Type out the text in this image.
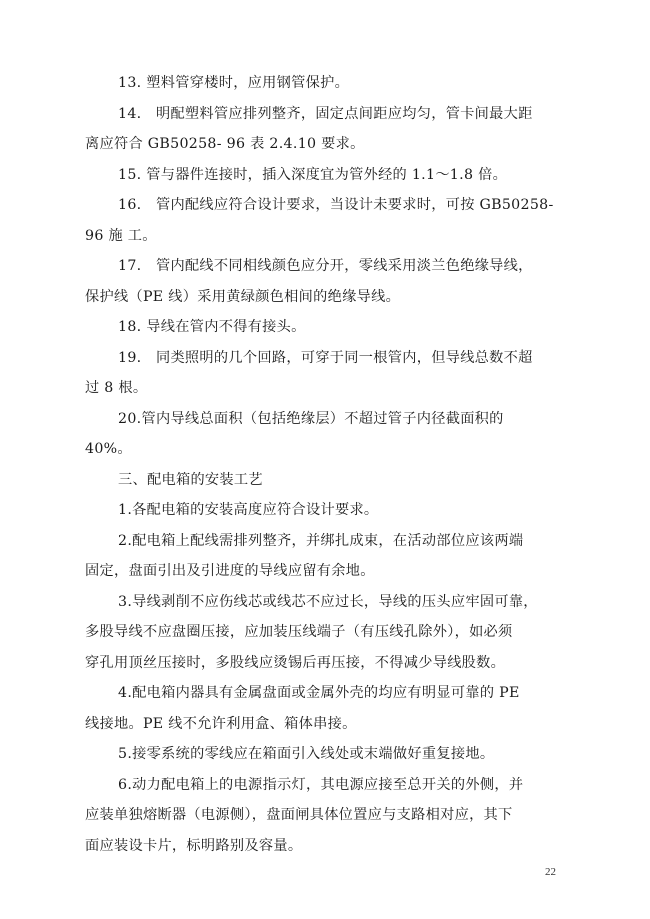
13. 塑料管穿楼时，应用钢管保护。
14.　明配塑料管应排列整齐，固定点间距应均匀，管卡间最大距
离应符合 GB50258- 96 表 2.4.10 要求。
15. 管与器件连接时，插入深度宜为管外经的 1.1～1.8 倍。
16.　管内配线应符合设计要求，当设计未要求时，可按 GB50258-
96 施 工。
17.　管内配线不同相线颜色应分开，零线采用淡兰色绝缘导线，
保护线（PE 线）采用黄绿颜色相间的绝缘导线。
18. 导线在管内不得有接头。
19.　同类照明的几个回路，可穿于同一根管内，但导线总数不超
过 8 根。
20.管内导线总面积（包括绝缘层）不超过管子内径截面积的
40%。
三、配电箱的安装工艺
1.各配电箱的安装高度应符合设计要求。
2.配电箱上配线需排列整齐，并绑扎成束，在活动部位应该两端
固定，盘面引出及引进度的导线应留有余地。
3.导线剥削不应伤线芯或线芯不应过长，导线的压头应牢固可靠，
多股导线不应盘圈压接，应加装压线端子（有压线孔除外），如必须
穿孔用顶丝压接时，多股线应烫锡后再压接，不得减少导线股数。
4.配电箱内器具有金属盘面或金属外壳的均应有明显可靠的 PE
线接地。PE 线不允许利用盒、箱体串接。
5.接零系统的零线应在箱面引入线处或末端做好重复接地。
6.动力配电箱上的电源指示灯，其电源应接至总开关的外侧，并
应装单独熔断器（电源侧），盘面闸具体位置应与支路相对应，其下
面应装设卡片，标明路别及容量。
22
